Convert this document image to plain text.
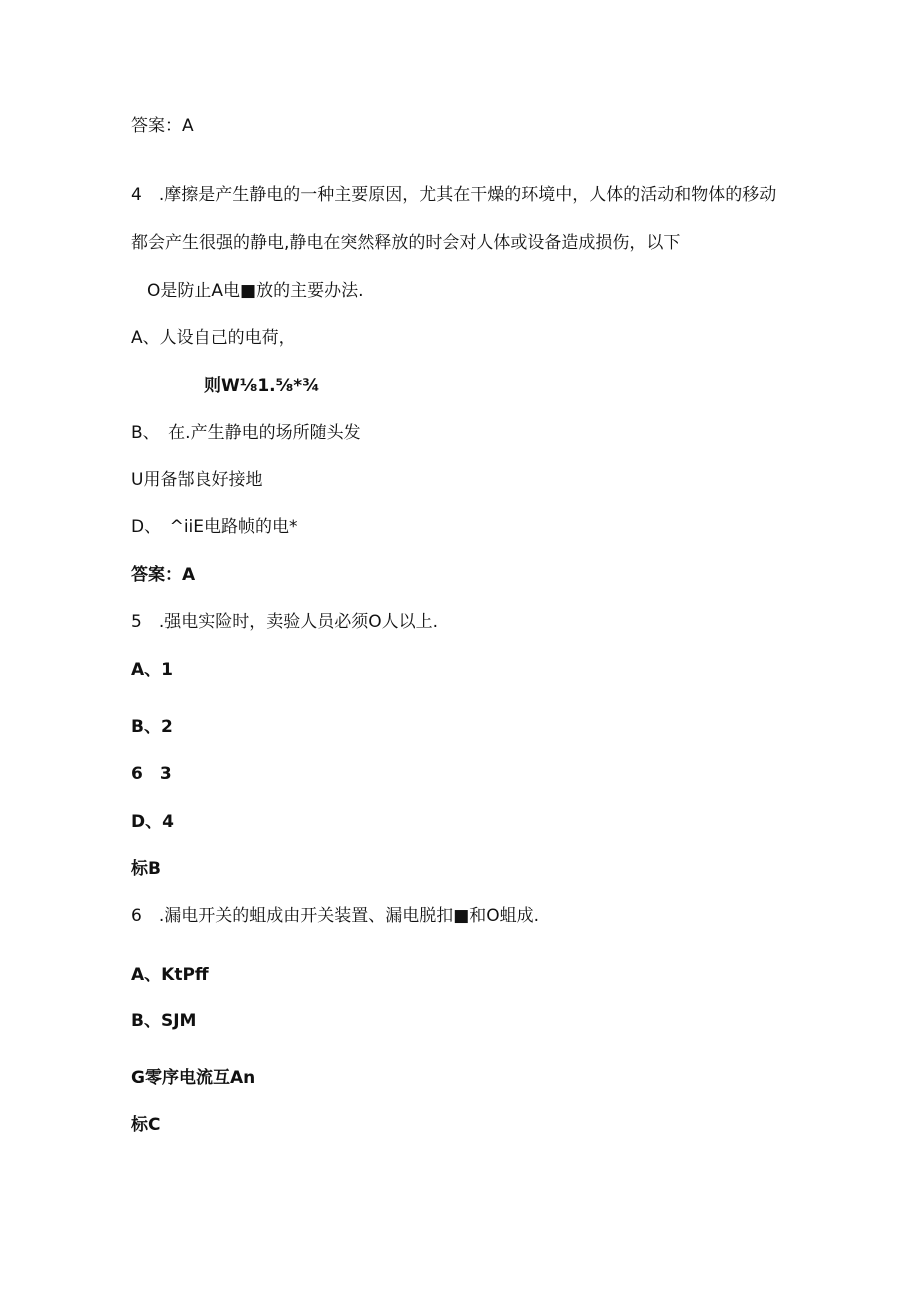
答案：A
4　.摩擦是产生静电的一种主要原因，尤其在干燥的环境中，人体的活动和物体的移动
都会产生很强的静电,静电在突然释放的时会对人体或设备造成损伤，以下
O是防止A电■放的主要办法.
A、人设自己的电荷，
则W⅛1.⅝*¾
B、　在.产生静电的场所随头发
U用备郜良好接地
D、　^iiE电路帧的电*
答案：A
5　.强电实险时，卖验人员必须O人以上.
A、1
B、2
6　3
D、4
标B
6　.漏电开关的蛆成由开关装置、漏电脱扣■和O蛆成.
A、KtPff
B、SJM
G零序电流互An
标C
